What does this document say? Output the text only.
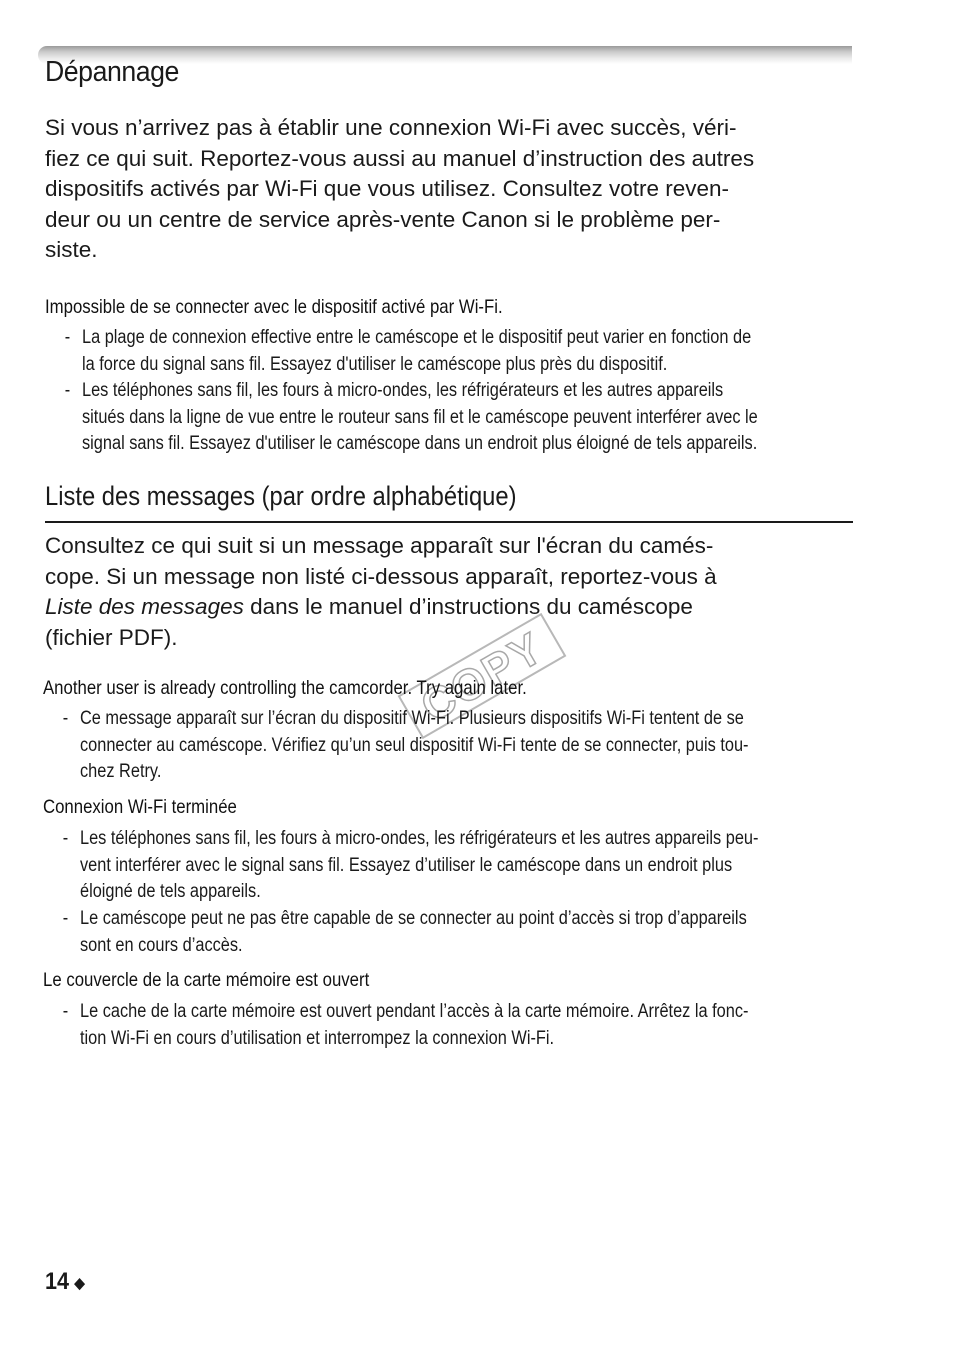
Dépannage

Si vous n’arrivez pas à établir une connexion Wi-Fi avec succès, véri-
fiez ce qui suit. Reportez-vous aussi au manuel d’instruction des autres
dispositifs activés par Wi-Fi que vous utilisez. Consultez votre reven-
deur ou un centre de service après-vente Canon si le problème per-
siste.

Impossible de se connecter avec le dispositif activé par Wi-Fi.
- La plage de connexion effective entre le caméscope et le dispositif peut varier en fonction de
la force du signal sans fil. Essayez d'utiliser le caméscope plus près du dispositif.
- Les téléphones sans fil, les fours à micro-ondes, les réfrigérateurs et les autres appareils
situés dans la ligne de vue entre le routeur sans fil et le caméscope peuvent interférer avec le
signal sans fil. Essayez d'utiliser le caméscope dans un endroit plus éloigné de tels appareils.
Liste des messages (par ordre alphabétique)

Consultez ce qui suit si un message apparaît sur l'écran du camés-
cope. Si un message non listé ci-dessous apparaît, reportez-vous à
Liste des messages dans le manuel d’instructions du caméscope
(fichier PDF).	COPY
Another user is already controlling the camcorder. Try again later.
- Ce message apparaît sur l’écran du dispositif Wi-Fi. Plusieurs dispositifs Wi-Fi tentent de se
connecter au caméscope. Vérifiez qu’un seul dispositif Wi-Fi tente de se connecter, puis tou-
chez Retry.
Connexion Wi-Fi terminée
- Les téléphones sans fil, les fours à micro-ondes, les réfrigérateurs et les autres appareils peu-
vent interférer avec le signal sans fil. Essayez d’utiliser le caméscope dans un endroit plus
éloigné de tels appareils.
- Le caméscope peut ne pas être capable de se connecter au point d’accès si trop d’appareils
sont en cours d’accès.
Le couvercle de la carte mémoire est ouvert
- Le cache de la carte mémoire est ouvert pendant l’accès à la carte mémoire. Arrêtez la fonc-
tion Wi-Fi en cours d’utilisation et interrompez la connexion Wi-Fi.
14 ◆
